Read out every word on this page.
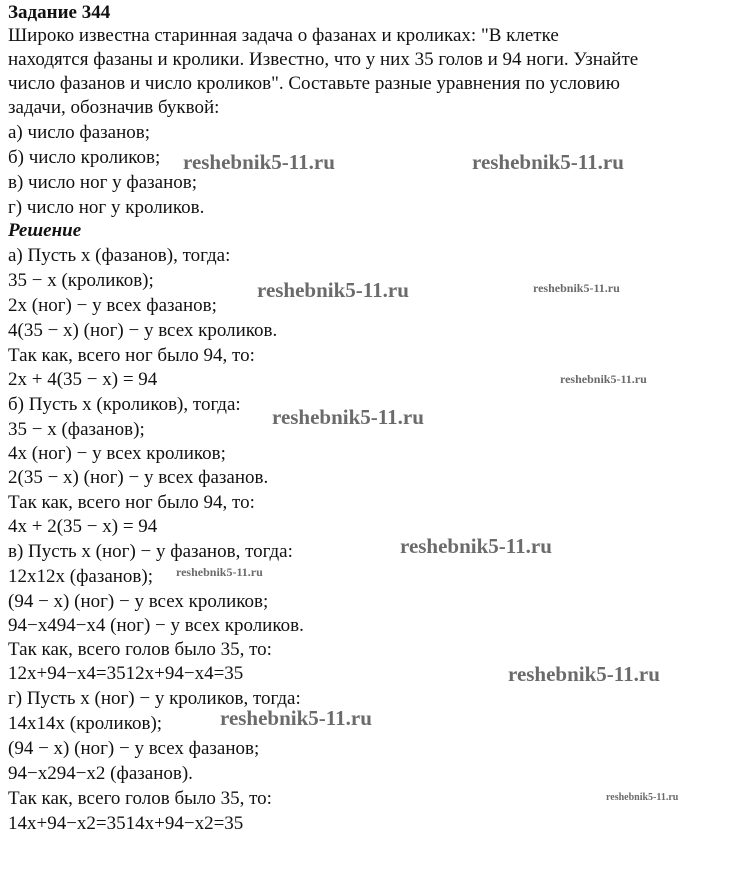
Задание 344
Широко известна старинная задача о фазанах и кроликах: "В клетке
находятся фазаны и кролики. Известно, что у них 35 голов и 94 ноги. Узнайте
число фазанов и число кроликов". Составьте разные уравнения по условию
задачи, обозначив буквой:
а) число фазанов;
б) число кроликов;
в) число ног у фазанов;
г) число ног у кроликов.
Решение
а) Пусть x (фазанов), тогда:
35 − x (кроликов);
2x (ног) − у всех фазанов;
4(35 − x) (ног) − у всех кроликов.
Так как, всего ног было 94, то:
2x + 4(35 − x) = 94
б) Пусть x (кроликов), тогда:
35 − x (фазанов);
4x (ног) − у всех кроликов;
2(35 − x) (ног) − у всех фазанов.
Так как, всего ног было 94, то:
4x + 2(35 − x) = 94
в) Пусть x (ног) − у фазанов, тогда:
12x12x (фазанов);
(94 − x) (ног) − у всех кроликов;
94−x494−x4 (ног) − у всех кроликов.
Так как, всего голов было 35, то:
12x+94−x4=3512x+94−x4=35
г) Пусть x (ног) − у кроликов, тогда:
14x14x (кроликов);
(94 − x) (ног) − у всех фазанов;
94−x294−x2 (фазанов).
Так как, всего голов было 35, то:
14x+94−x2=3514x+94−x2=35
reshebnik5-11.ru	reshebnik5-11.ru
reshebnik5-11.ru	reshebnik5-11.ru
reshebnik5-11.ru
reshebnik5-11.ru
reshebnik5-11.ru
reshebnik5-11.ru
reshebnik5-11.ru
reshebnik5-11.ru
reshebnik5-11.ru
